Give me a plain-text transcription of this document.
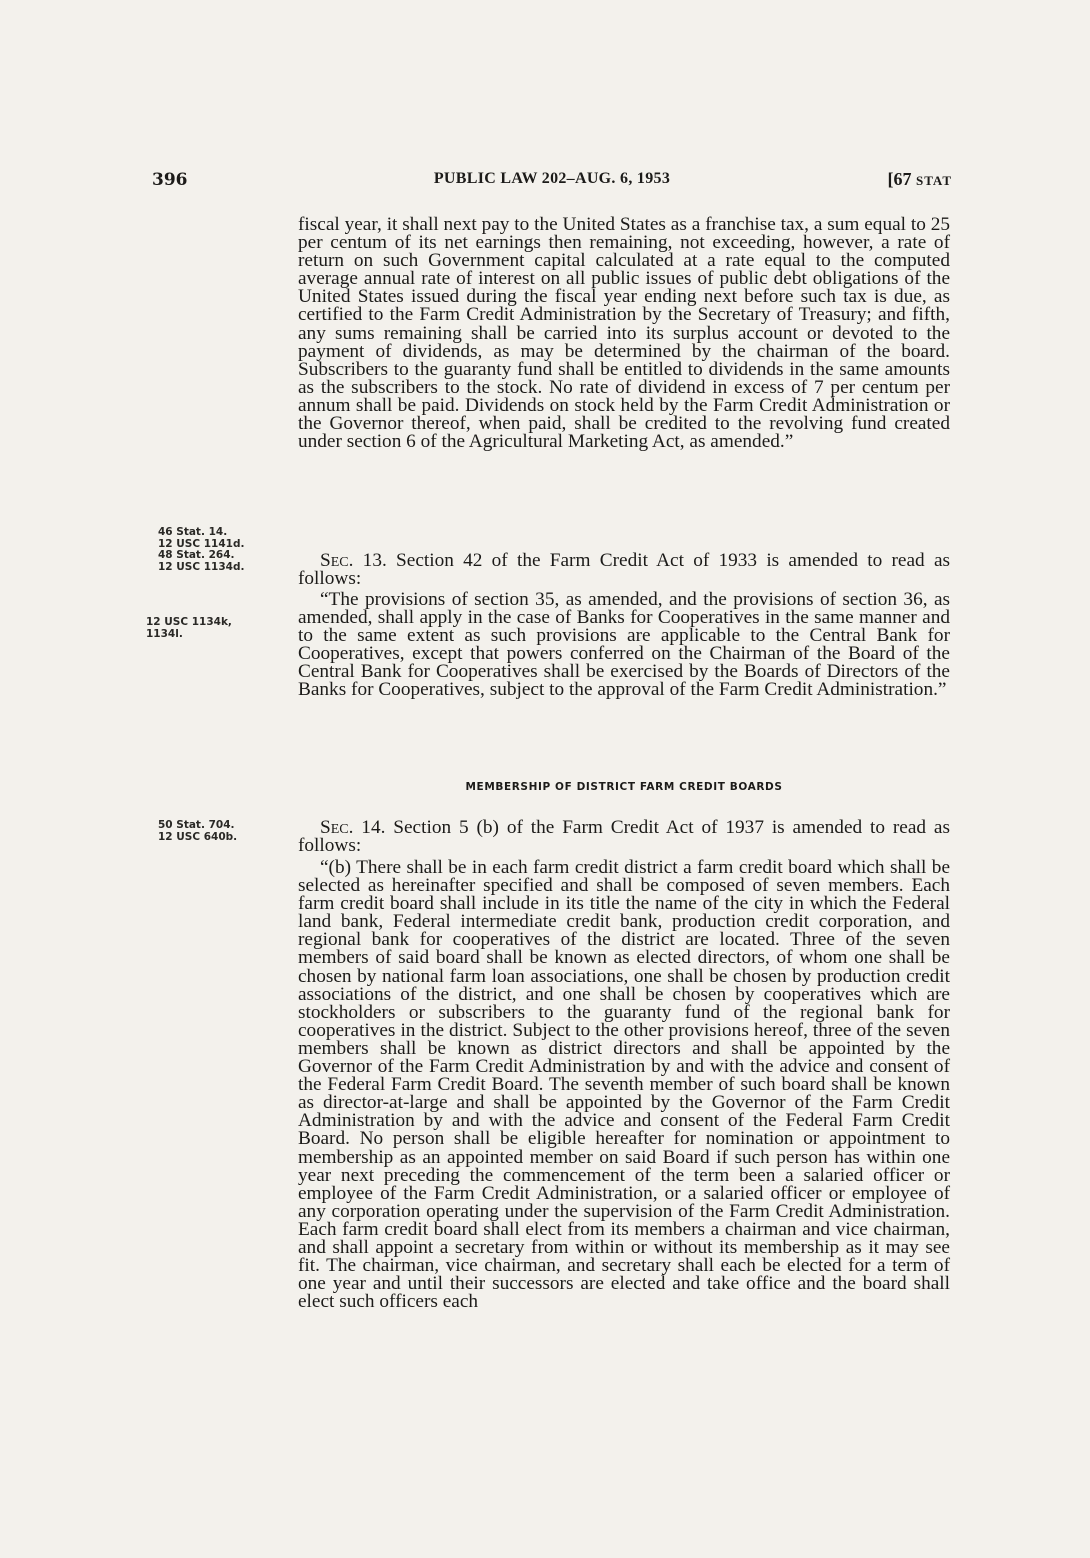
396	PUBLIC LAW 202–AUG. 6, 1953	[67 STAT
46 Stat. 14.
12 USC 1141d.
48 Stat. 264.
12 USC 1134d.
12 USC 1134k,
1134l.
50 Stat. 704.
12 USC 640b.

fiscal year, it shall next pay to the United States as a franchise tax, a sum equal to 25 per centum of its net earnings then remaining, not exceeding, however, a rate of return on such Government capital calculated at a rate equal to the computed average annual rate of interest on all public issues of public debt obligations of the United States issued during the fiscal year ending next before such tax is due, as certified to the Farm Credit Administration by the Secretary of Treasury; and fifth, any sums remaining shall be carried into its surplus account or devoted to the payment of dividends, as may be determined by the chairman of the board. Subscribers to the guaranty fund shall be entitled to dividends in the same amounts as the subscribers to the stock. No rate of dividend in excess of 7 per centum per annum shall be paid. Dividends on stock held by the Farm Credit Administration or the Governor thereof, when paid, shall be credited to the revolving fund created under section 6 of the Agricultural Marketing Act, as amended.”

Sec. 13. Section 42 of the Farm Credit Act of 1933 is amended to read as follows:

“The provisions of section 35, as amended, and the provisions of section 36, as amended, shall apply in the case of Banks for Cooperatives in the same manner and to the same extent as such provisions are applicable to the Central Bank for Cooperatives, except that powers conferred on the Chairman of the Board of the Central Bank for Cooperatives shall be exercised by the Boards of Directors of the Banks for Cooperatives, subject to the approval of the Farm Credit Administration.”

MEMBERSHIP OF DISTRICT FARM CREDIT BOARDS

Sec. 14. Section 5 (b) of the Farm Credit Act of 1937 is amended to read as follows:

“(b) There shall be in each farm credit district a farm credit board which shall be selected as hereinafter specified and shall be composed of seven members. Each farm credit board shall include in its title the name of the city in which the Federal land bank, Federal intermediate credit bank, production credit corporation, and regional bank for cooperatives of the district are located. Three of the seven members of said board shall be known as elected directors, of whom one shall be chosen by national farm loan associations, one shall be chosen by production credit associations of the district, and one shall be chosen by cooperatives which are stockholders or subscribers to the guaranty fund of the regional bank for cooperatives in the district. Subject to the other provisions hereof, three of the seven members shall be known as district directors and shall be appointed by the Governor of the Farm Credit Administration by and with the advice and consent of the Federal Farm Credit Board. The seventh member of such board shall be known as director-at-large and shall be appointed by the Governor of the Farm Credit Administration by and with the advice and consent of the Federal Farm Credit Board. No person shall be eligible hereafter for nomination or appointment to membership as an appointed member on said Board if such person has within one year next preceding the commencement of the term been a salaried officer or employee of the Farm Credit Administration, or a salaried officer or employee of any corporation operating under the supervision of the Farm Credit Administration. Each farm credit board shall elect from its members a chairman and vice chairman, and shall appoint a secretary from within or without its membership as it may see fit. The chairman, vice chairman, and secretary shall each be elected for a term of one year and until their successors are elected and take office and the board shall elect such officers each
